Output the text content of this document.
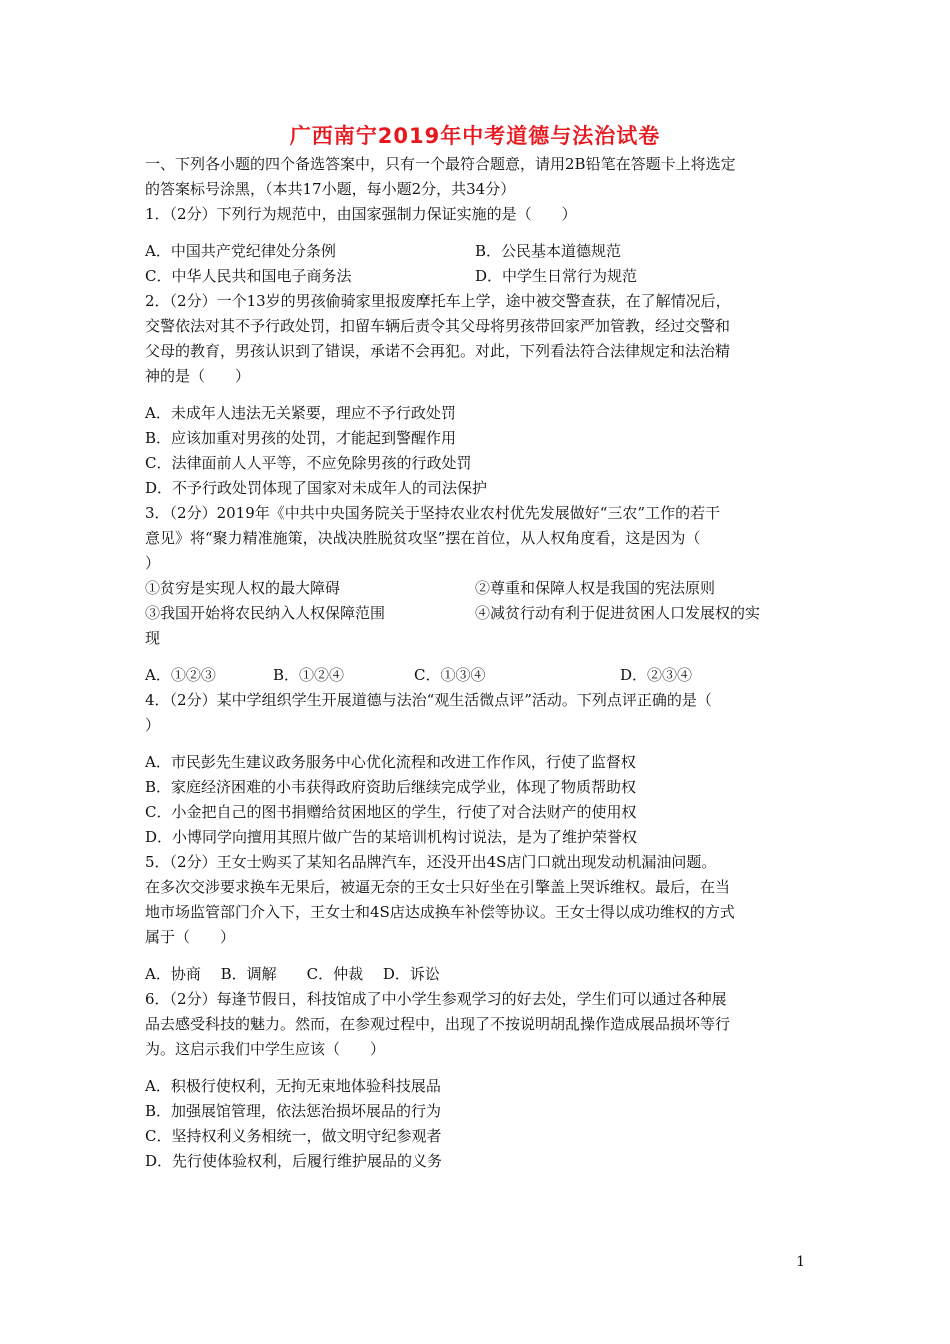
广西南宁2019年中考道德与法治试卷
一、下列各小题的四个备选答案中，只有一个最符合题意，请用2B铅笔在答题卡上将选定
的答案标号涂黑，（本共17小题，每小题2分，共34分）
1．（2分）下列行为规范中，由国家强制力保证实施的是（　　）
A．中国共产党纪律处分条例	B．公民基本道德规范
C．中华人民共和国电子商务法	D．中学生日常行为规范
2．（2分）一个13岁的男孩偷骑家里报废摩托车上学，途中被交警查获，在了解情况后，
交警依法对其不予行政处罚，扣留车辆后责令其父母将男孩带回家严加管教，经过交警和
父母的教育，男孩认识到了错误，承诺不会再犯。对此，下列看法符合法律规定和法治精
神的是（　　）
A．未成年人违法无关紧要，理应不予行政处罚
B．应该加重对男孩的处罚，才能起到警醒作用
C．法律面前人人平等，不应免除男孩的行政处罚
D．不予行政处罚体现了国家对未成年人的司法保护
3．（2分）2019年《中共中央国务院关于坚持农业农村优先发展做好“三农”工作的若干
意见》将“聚力精准施策，决战决胜脱贫攻坚”摆在首位，从人权角度看，这是因为（
）
①贫穷是实现人权的最大障碍	②尊重和保障人权是我国的宪法原则
③我国开始将农民纳入人权保障范围	④减贫行动有利于促进贫困人口发展权的实
现
A．①②③	B．①②④	C．①③④	D．②③④
4．（2分）某中学组织学生开展道德与法治“观生活微点评”活动。下列点评正确的是（
）
A．市民彭先生建议政务服务中心优化流程和改进工作作风，行使了监督权
B．家庭经济困难的小韦获得政府资助后继续完成学业，体现了物质帮助权
C．小金把自己的图书捐赠给贫困地区的学生，行使了对合法财产的使用权
D．小博同学向擅用其照片做广告的某培训机构讨说法，是为了维护荣誉权
5．（2分）王女士购买了某知名品牌汽车，还没开出4S店门口就出现发动机漏油问题。
在多次交涉要求换车无果后，被逼无奈的王女士只好坐在引擎盖上哭诉维权。最后，在当
地市场监管部门介入下，王女士和4S店达成换车补偿等协议。王女士得以成功维权的方式
属于（　　）
A．协商　 B．调解　　C．仲裁　 D．诉讼
6．（2分）每逢节假日，科技馆成了中小学生参观学习的好去处，学生们可以通过各种展
品去感受科技的魅力。然而，在参观过程中，出现了不按说明胡乱操作造成展品损坏等行
为。这启示我们中学生应该（　　）
A．积极行使权利，无拘无束地体验科技展品
B．加强展馆管理，依法惩治损坏展品的行为
C．坚持权利义务相统一，做文明守纪参观者
D．先行使体验权利，后履行维护展品的义务
1
